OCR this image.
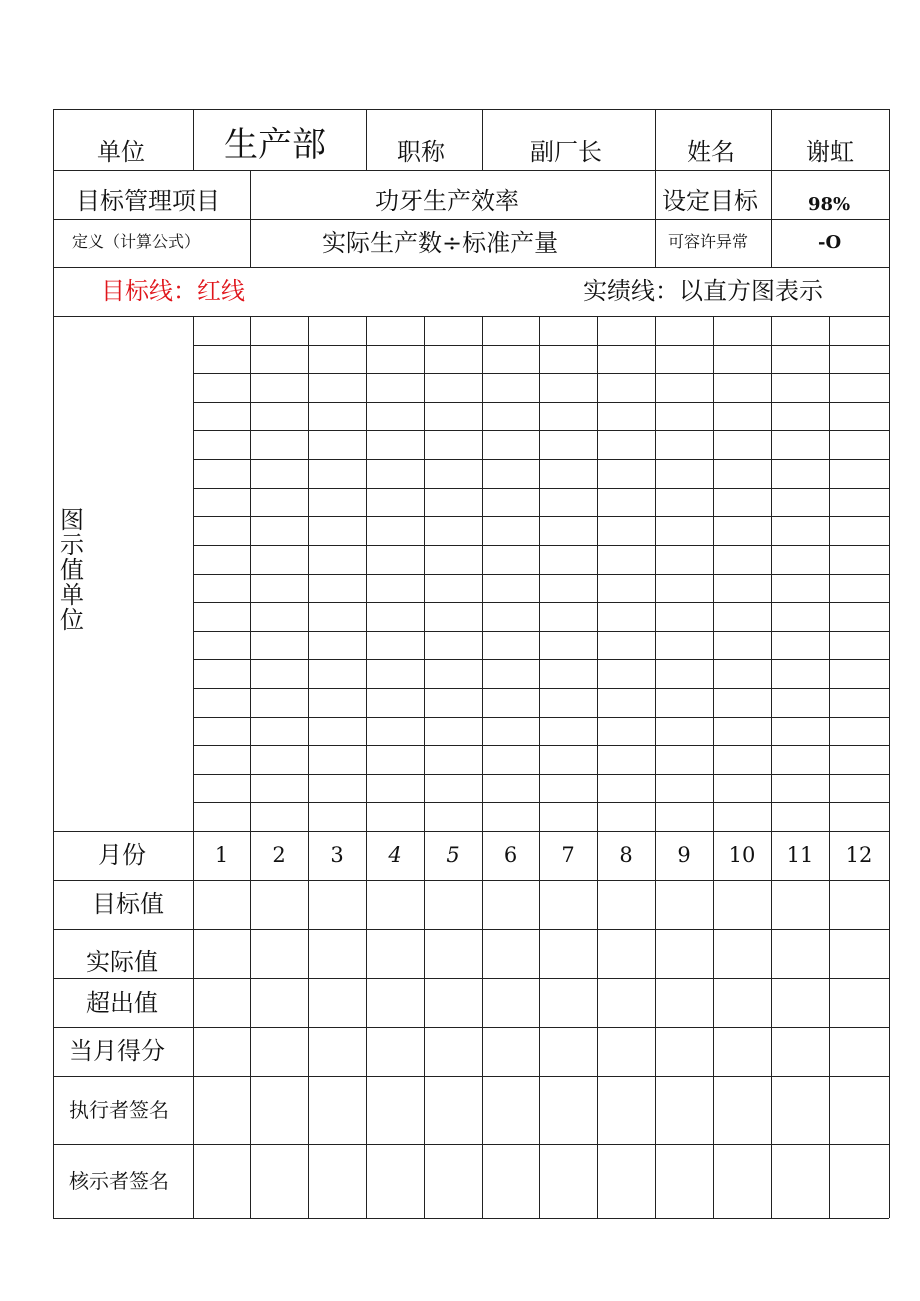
单位 生产部	职称	副厂长	姓名	谢虹
目标管理项目	功牙生产效率	设定目标	98%
定义（计算公式）	实际生产数÷标准产量	可容许异常	-O
目标线：红线	实绩线：以直方图表示
图示值单位
月份	1	2	3	4	5	6	7	8	9	10	11	12
目标值
实际值
超出值
当月得分
执行者签名
核示者签名
